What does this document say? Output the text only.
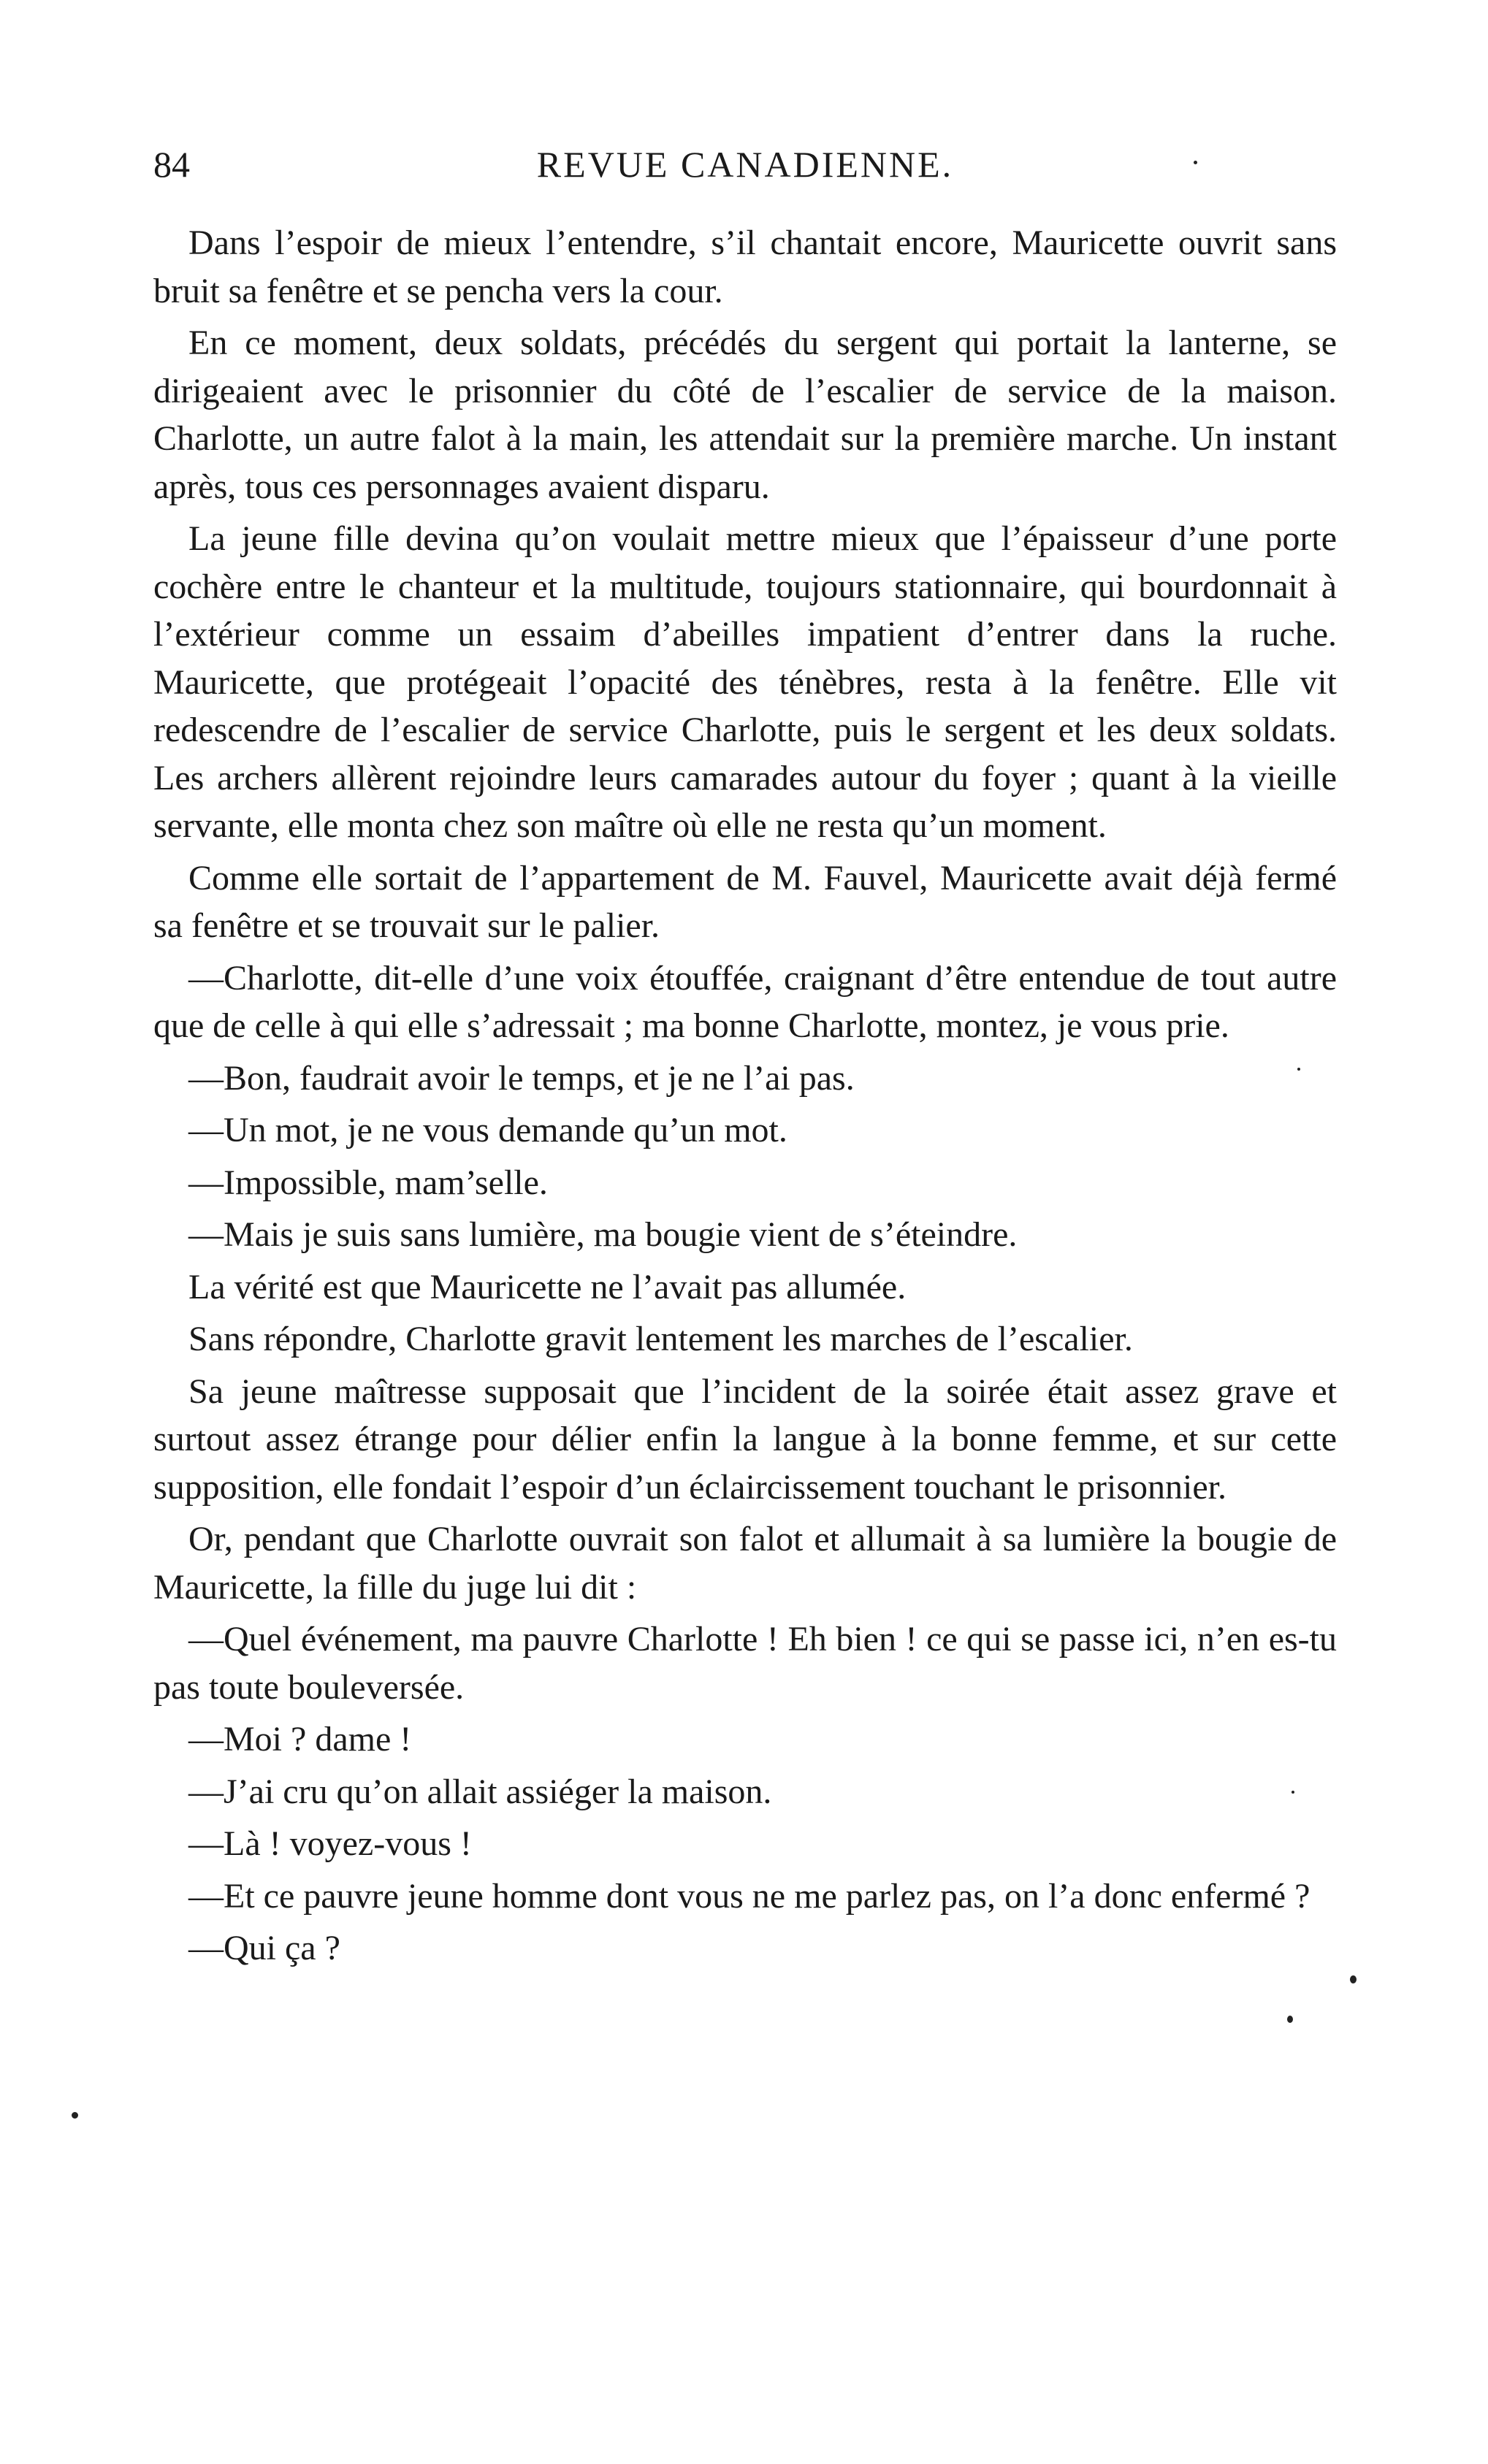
84	REVUE CANADIENNE.

Dans l’espoir de mieux l’entendre, s’il chantait encore, Mauricette ouvrit sans bruit sa fenêtre et se pencha vers la cour.

En ce moment, deux soldats, précédés du sergent qui portait la lanterne, se dirigeaient avec le prisonnier du côté de l’escalier de service de la maison. Charlotte, un autre falot à la main, les attendait sur la première marche. Un instant après, tous ces personnages avaient disparu.

La jeune fille devina qu’on voulait mettre mieux que l’épaisseur d’une porte cochère entre le chanteur et la multitude, toujours stationnaire, qui bourdonnait à l’extérieur comme un essaim d’abeilles impatient d’entrer dans la ruche. Mauricette, que protégeait l’opacité des ténèbres, resta à la fenêtre. Elle vit redescendre de l’escalier de service Charlotte, puis le sergent et les deux soldats. Les archers allèrent rejoindre leurs camarades autour du foyer ; quant à la vieille servante, elle monta chez son maître où elle ne resta qu’un moment.

Comme elle sortait de l’appartement de M. Fauvel, Mauricette avait déjà fermé sa fenêtre et se trouvait sur le palier.

—Charlotte, dit-elle d’une voix étouffée, craignant d’être entendue de tout autre que de celle à qui elle s’adressait ; ma bonne Charlotte, montez, je vous prie.

—Bon, faudrait avoir le temps, et je ne l’ai pas.

—Un mot, je ne vous demande qu’un mot.

—Impossible, mam’selle.

—Mais je suis sans lumière, ma bougie vient de s’éteindre.

La vérité est que Mauricette ne l’avait pas allumée.

Sans répondre, Charlotte gravit lentement les marches de l’escalier.

Sa jeune maîtresse supposait que l’incident de la soirée était assez grave et surtout assez étrange pour délier enfin la langue à la bonne femme, et sur cette supposition, elle fondait l’espoir d’un éclaircissement touchant le prisonnier.

Or, pendant que Charlotte ouvrait son falot et allumait à sa lumière la bougie de Mauricette, la fille du juge lui dit :

—Quel événement, ma pauvre Charlotte ! Eh bien ! ce qui se passe ici, n’en es-tu pas toute bouleversée.

—Moi ? dame !

—J’ai cru qu’on allait assiéger la maison.

—Là ! voyez-vous !

—Et ce pauvre jeune homme dont vous ne me parlez pas, on l’a donc enfermé ?

—Qui ça ?
